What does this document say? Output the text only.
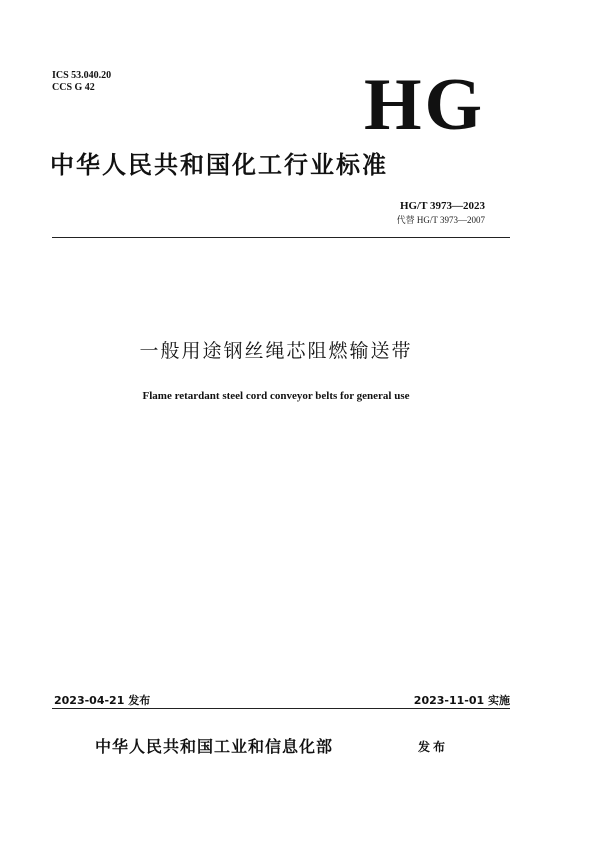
ICS 53.040.20
CCS G 42	HG
中华人民共和国化工行业标准
HG/T 3973—2023
代替 HG/T 3973—2007
一般用途钢丝绳芯阻燃输送带
Flame retardant steel cord conveyor belts for general use
2023-04-21 发布	2023-11-01 实施
中华人民共和国工业和信息化部	发布
